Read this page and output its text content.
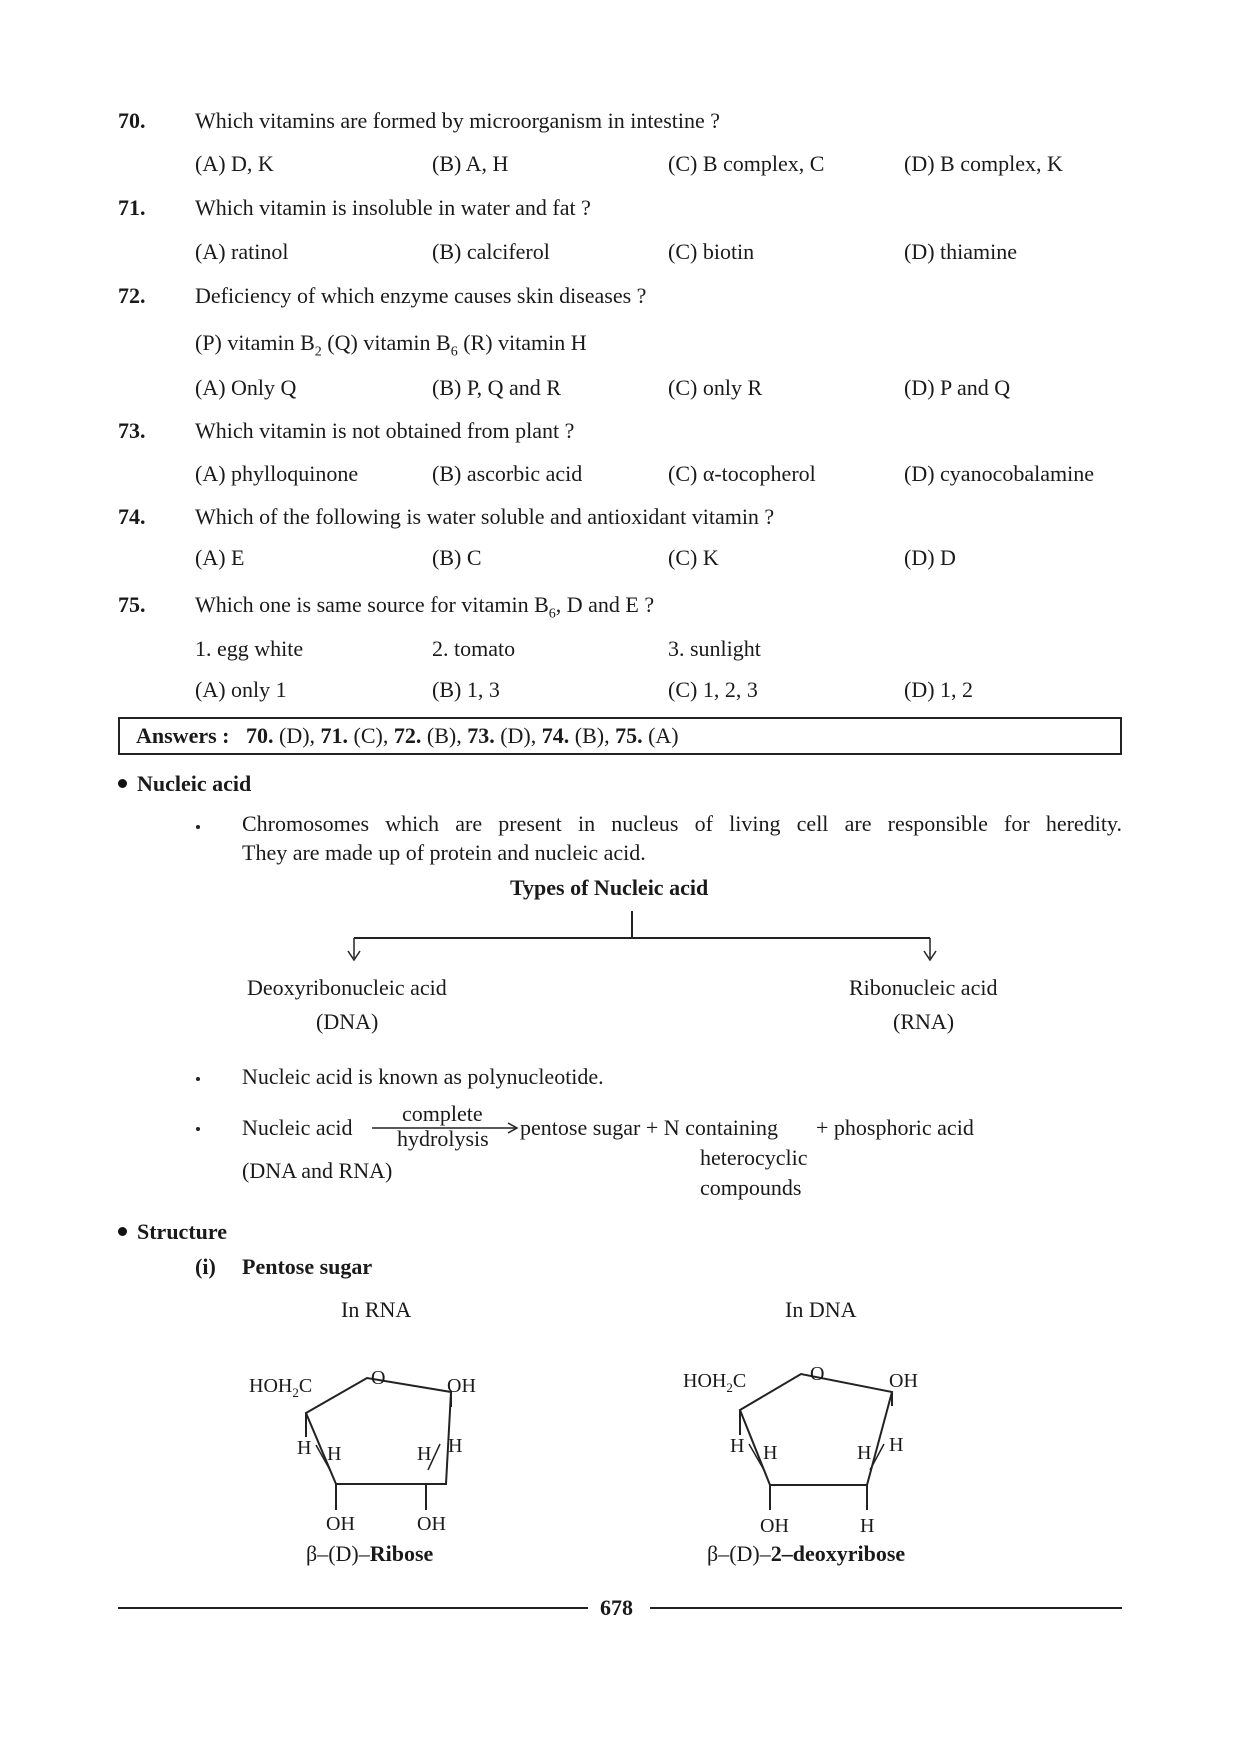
70. Which vitamins are formed by microorganism in intestine ?
(A) D, K	(B) A, H	(C) B complex, C	(D) B complex, K
71. Which vitamin is insoluble in water and fat ?
(A) ratinol	(B) calciferol	(C) biotin	(D) thiamine
72. Deficiency of which enzyme causes skin diseases ?
(P) vitamin $B_2$ (Q) vitamin $B_6$ (R) vitamin H
(A) Only Q	(B) P, Q and R	(C) only R	(D) P and Q
73. Which vitamin is not obtained from plant ?
(A) phylloquinone	(B) ascorbic acid	(C) α-tocopherol	(D) cyanocobalamine
74. Which of the following is water soluble and antioxidant vitamin ?
(A) E	(B) C	(C) K	(D) D
75. Which one is same source for vitamin $B_6$, D and E ?
1. egg white	2. tomato	3. sunlight
(A) only 1	(B) 1, 3	(C) 1, 2, 3	(D) 1, 2
Answers : 70. (D), 71. (C), 72. (B), 73. (D), 74. (B), 75. (A)
Nucleic acid
Chromosomes which are present in nucleus of living cell are responsible for heredity.
They are made up of protein and nucleic acid.
Types of Nucleic acid
Deoxyribonucleic acid
(DNA)
Ribonucleic acid
(RNA)
Nucleic acid is known as polynucleotide.
Nucleic acid
(DNA and RNA)
complete
hydrolysis pentose sugar + N containing
heterocyclic
compounds
+ phosphoric acid
Structure
(i) Pentose sugar
In RNA	In DNA
$HOH_2C$	O	OH
H H	H H
OH	OH
β–(D)–Ribose
$HOH_2C$	O	OH
H H	H H
OH	H
β–(D)–2–deoxyribose
678
